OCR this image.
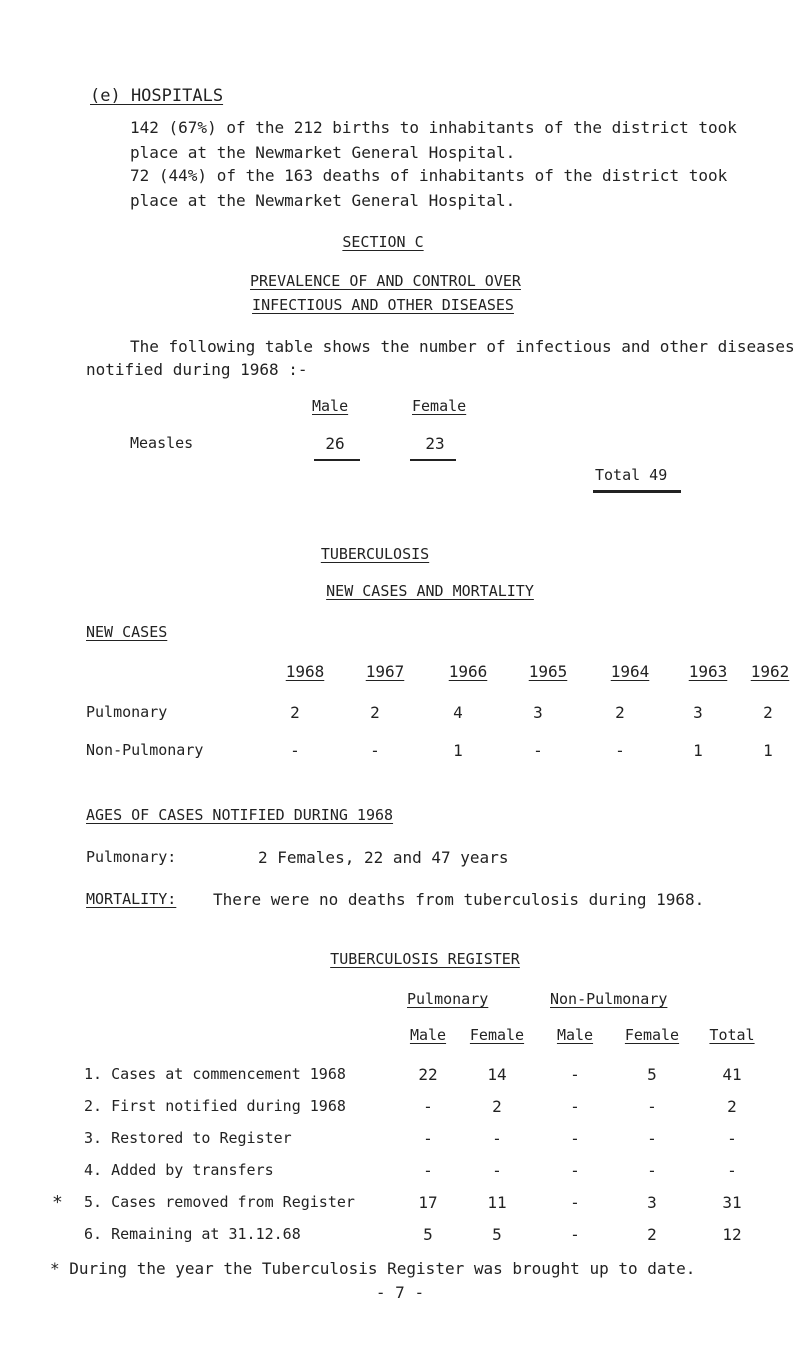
(e) HOSPITALS

142 (67%) of the 212 births to inhabitants of the district took place at the Newmarket General Hospital.

72 (44%) of the 163 deaths of inhabitants of the district took place at the Newmarket General Hospital.

SECTION C
PREVALENCE OF AND CONTROL OVER
INFECTIOUS AND OTHER DISEASES
The following table shows the number of infectious and other diseases
notified during 1968 :-
Male	Female
Measles	26	23
Total 49
TUBERCULOSIS
NEW CASES AND MORTALITY
NEW CASES
1968	1967	1966	1965	1964	1963	1962
Pulmonary	2	2	4	3	2	3	2
Non-Pulmonary	-	-	1	-	-	1	1
AGES OF CASES NOTIFIED DURING 1968
Pulmonary:	2 Females, 22 and 47 years
MORTALITY: There were no deaths from tuberculosis during 1968.
TUBERCULOSIS REGISTER
Pulmonary	Non-Pulmonary
Male	Female	Male	Female	Total
1. Cases at commencement 1968	22	14	-	5	41
2. First notified during 1968	-	2	-	-	2
3. Restored to Register	-	-	-	-	-
4. Added by transfers	-	-	-	-	-
* 5. Cases removed from Register	17	11	-	3	31
6. Remaining at 31.12.68	5	5	-	2	12
* During the year the Tuberculosis Register was brought up to date.
- 7 -
